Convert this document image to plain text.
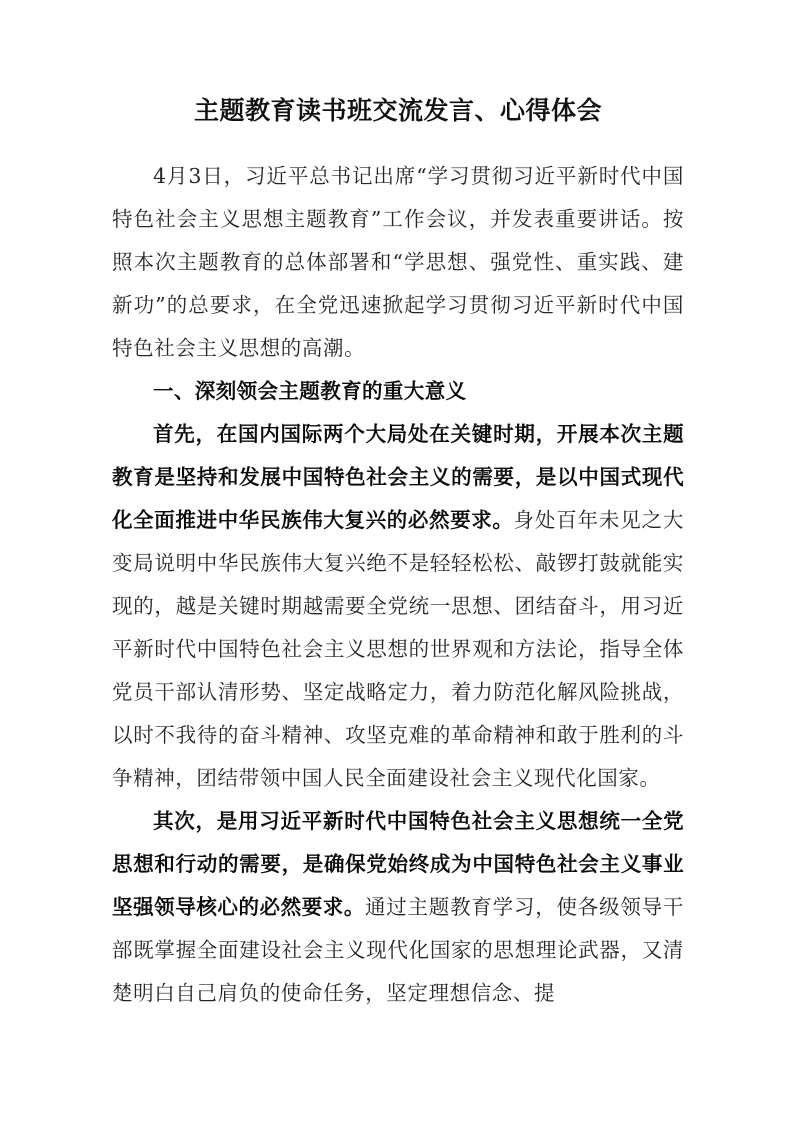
主题教育读书班交流发言、心得体会

4月3日，习近平总书记出席“学习贯彻习近平新时代中国特色社会主义思想主题教育”工作会议，并发表重要讲话。按照本次主题教育的总体部署和“学思想、强党性、重实践、建新功”的总要求，在全党迅速掀起学习贯彻习近平新时代中国特色社会主义思想的高潮。

一、深刻领会主题教育的重大意义

首先，在国内国际两个大局处在关键时期，开展本次主题教育是坚持和发展中国特色社会主义的需要，是以中国式现代化全面推进中华民族伟大复兴的必然要求。身处百年未见之大变局说明中华民族伟大复兴绝不是轻轻松松、敲锣打鼓就能实现的，越是关键时期越需要全党统一思想、团结奋斗，用习近平新时代中国特色社会主义思想的世界观和方法论，指导全体党员干部认清形势、坚定战略定力，着力防范化解风险挑战，以时不我待的奋斗精神、攻坚克难的革命精神和敢于胜利的斗争精神，团结带领中国人民全面建设社会主义现代化国家。

其次，是用习近平新时代中国特色社会主义思想统一全党思想和行动的需要，是确保党始终成为中国特色社会主义事业坚强领导核心的必然要求。通过主题教育学习，使各级领导干部既掌握全面建设社会主义现代化国家的思想理论武器，又清楚明白自己肩负的使命任务，坚定理想信念、提
